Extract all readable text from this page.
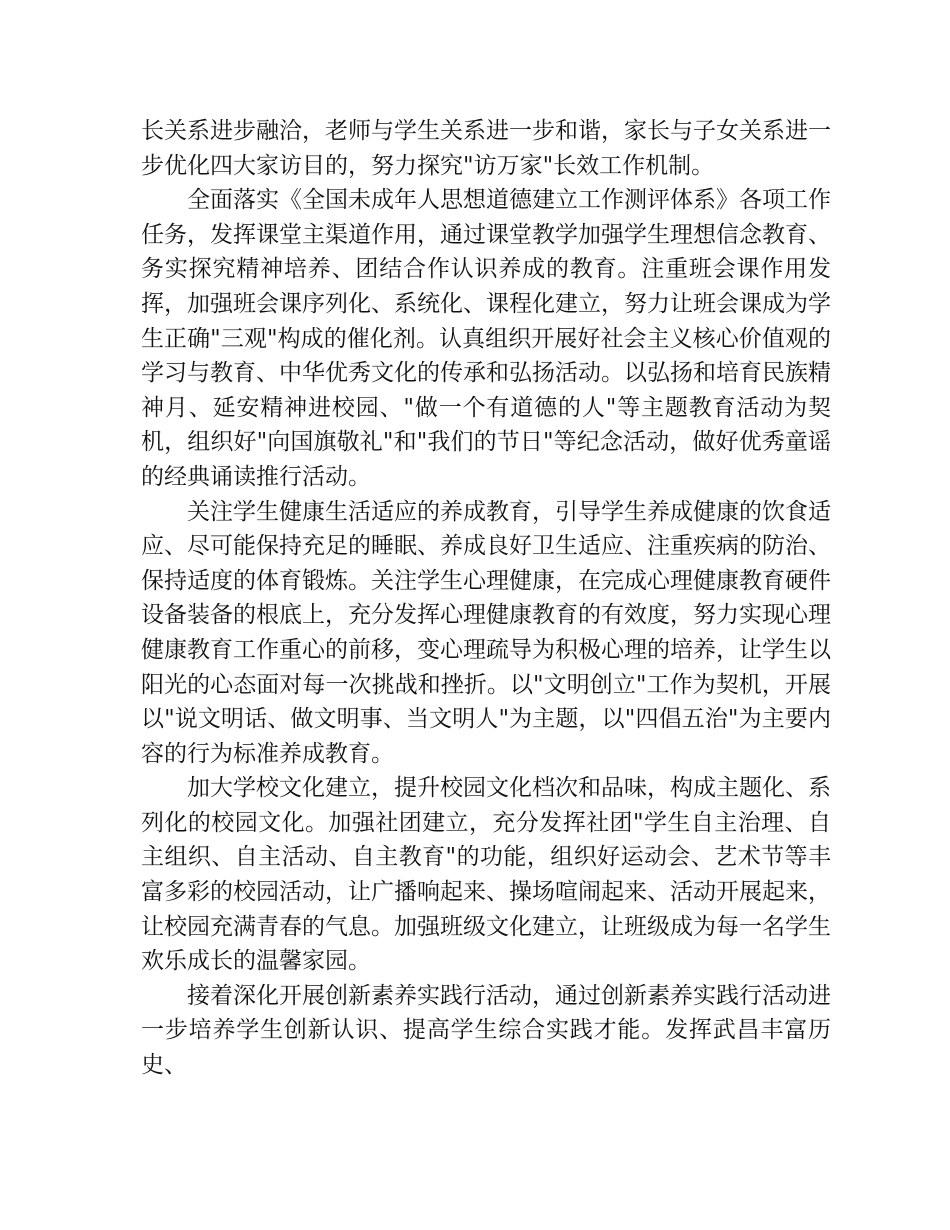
长关系进步融洽，老师与学生关系进一步和谐，家长与子女关系进一步优化四大家访目的，努力探究"访万家"长效工作机制。

全面落实《全国未成年人思想道德建立工作测评体系》各项工作任务，发挥课堂主渠道作用，通过课堂教学加强学生理想信念教育、务实探究精神培养、团结合作认识养成的教育。注重班会课作用发挥，加强班会课序列化、系统化、课程化建立，努力让班会课成为学生正确"三观"构成的催化剂。认真组织开展好社会主义核心价值观的学习与教育、中华优秀文化的传承和弘扬活动。以弘扬和培育民族精神月、延安精神进校园、"做一个有道德的人"等主题教育活动为契机，组织好"向国旗敬礼"和"我们的节日"等纪念活动，做好优秀童谣的经典诵读推行活动。

关注学生健康生活适应的养成教育，引导学生养成健康的饮食适应、尽可能保持充足的睡眠、养成良好卫生适应、注重疾病的防治、保持适度的体育锻炼。关注学生心理健康，在完成心理健康教育硬件设备装备的根底上，充分发挥心理健康教育的有效度，努力实现心理健康教育工作重心的前移，变心理疏导为积极心理的培养，让学生以阳光的心态面对每一次挑战和挫折。以"文明创立"工作为契机，开展以"说文明话、做文明事、当文明人"为主题，以"四倡五治"为主要内容的行为标准养成教育。

加大学校文化建立，提升校园文化档次和品味，构成主题化、系列化的校园文化。加强社团建立，充分发挥社团"学生自主治理、自主组织、自主活动、自主教育"的功能，组织好运动会、艺术节等丰富多彩的校园活动，让广播响起来、操场喧闹起来、活动开展起来，让校园充满青春的气息。加强班级文化建立，让班级成为每一名学生欢乐成长的温馨家园。

接着深化开展创新素养实践行活动，通过创新素养实践行活动进一步培养学生创新认识、提高学生综合实践才能。发挥武昌丰富历史、
